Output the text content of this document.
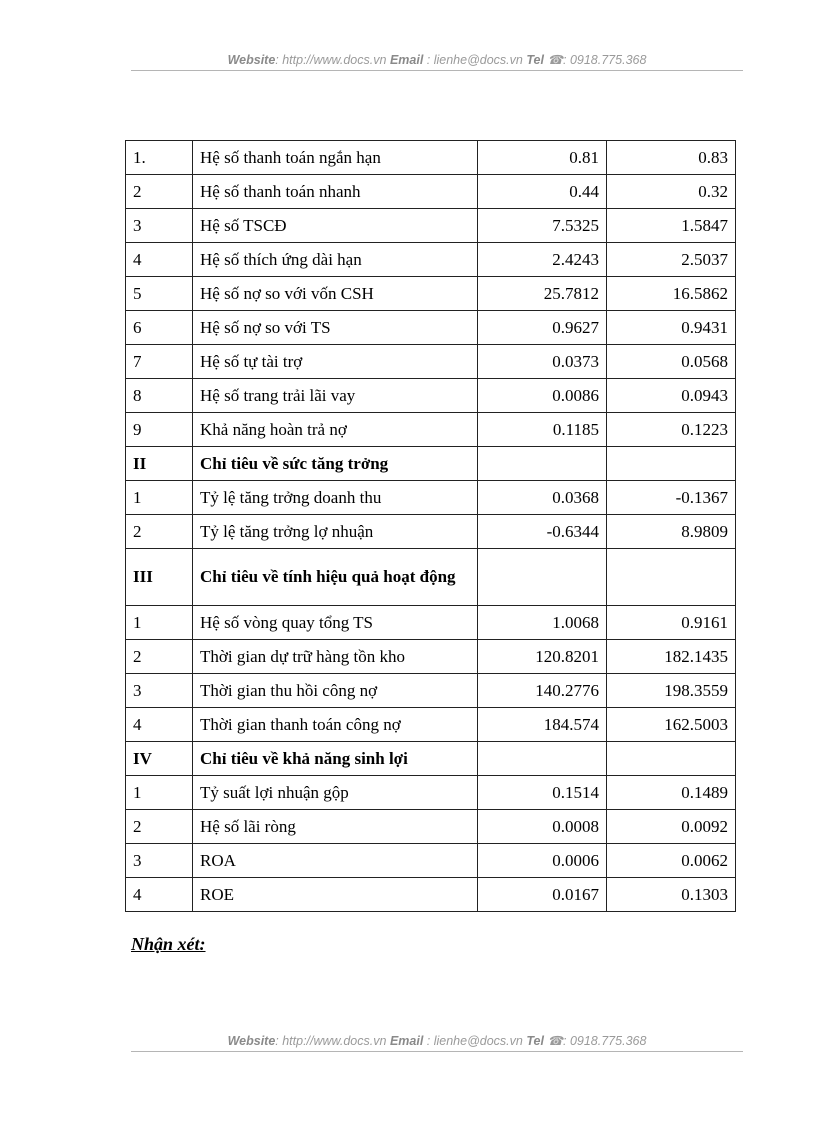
Website: http://www.docs.vn Email : lienhe@docs.vn Tel ☎: 0918.775.368
1.	Hệ số thanh toán ngắn hạn	0.81	0.83
2	Hệ số thanh toán nhanh	0.44	0.32
3	Hệ số TSCĐ	7.5325	1.5847
4	Hệ số thích ứng dài hạn	2.4243	2.5037
5	Hệ số nợ so với vốn CSH	25.7812	16.5862
6	Hệ số nợ so với TS	0.9627	0.9431
7	Hệ số tự tài trợ	0.0373	0.0568
8	Hệ số trang trải lãi vay	0.0086	0.0943
9	Khả năng hoàn trả nợ	0.1185	0.1223
II	Chỉ tiêu về sức tăng trởng		
1	Tỷ lệ tăng trởng doanh thu	0.0368	-0.1367
2	Tỷ lệ tăng trởng lợ nhuận	-0.6344	8.9809
III	Chỉ tiêu về tính hiệu quả hoạt động		
1	Hệ số vòng quay tổng TS	1.0068	0.9161
2	Thời gian dự trữ hàng tồn kho	120.8201	182.1435
3	Thời gian thu hồi công nợ	140.2776	198.3559
4	Thời gian thanh toán công nợ	184.574	162.5003
IV	Chỉ tiêu về khả năng sinh lợi		
1	Tỷ suất lợi nhuận gộp	0.1514	0.1489
2	Hệ số lãi ròng	0.0008	0.0092
3	ROA	0.0006	0.0062
4	ROE	0.0167	0.1303
Nhận xét:
Website: http://www.docs.vn Email : lienhe@docs.vn Tel ☎: 0918.775.368
